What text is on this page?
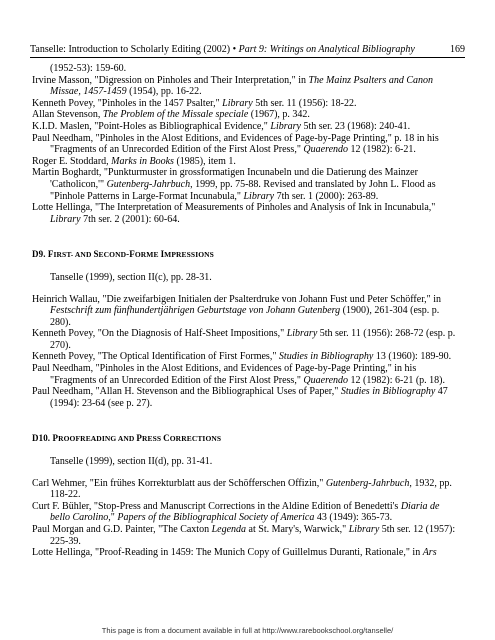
Tanselle: Introduction to Scholarly Editing (2002) • Part 9: Writings on Analytical Bibliography	169

(1952-53): 159-60.

Irvine Masson, "Digression on Pinholes and Their Interpretation," in The Mainz Psalters and Canon Missae, 1457-1459 (1954), pp. 16-22.

Kenneth Povey, "Pinholes in the 1457 Psalter," Library 5th ser. 11 (1956): 18-22.

Allan Stevenson, The Problem of the Missale speciale (1967), p. 342.

K.I.D. Maslen, "Point-Holes as Bibliographical Evidence," Library 5th ser. 23 (1968): 240-41.

Paul Needham, "Pinholes in the Alost Editions, and Evidences of Page-by-Page Printing," p. 18 in his "Fragments of an Unrecorded Edition of the First Alost Press," Quaerendo 12 (1982): 6-21.

Roger E. Stoddard, Marks in Books (1985), item 1.

Martin Boghardt, "Punkturmuster in grossformatigen Incunabeln und die Datierung des Mainzer 'Catholicon,'" Gutenberg-Jahrbuch, 1999, pp. 75-88. Revised and translated by John L. Flood as "Pinhole Patterns in Large-Format Incunabula," Library 7th ser. 1 (2000): 263-89.

Lotte Hellinga, "The Interpretation of Measurements of Pinholes and Analysis of Ink in Incunabula," Library 7th ser. 2 (2001): 60-64.

D9. FIRST- AND SECOND-FORME IMPRESSIONS

Tanselle (1999), section II(c), pp. 28-31.

Heinrich Wallau, "Die zweifarbigen Initialen der Psalterdruke von Johann Fust und Peter Schöffer," in Festschrift zum fünfhundertjährigen Geburtstage von Johann Gutenberg (1900), 261-304 (esp. p. 280).

Kenneth Povey, "On the Diagnosis of Half-Sheet Impositions," Library 5th ser. 11 (1956): 268-72 (esp. p. 270).

Kenneth Povey, "The Optical Identification of First Formes," Studies in Bibliography 13 (1960): 189-90.

Paul Needham, "Pinholes in the Alost Editions, and Evidences of Page-by-Page Printing," in his "Fragments of an Unrecorded Edition of the First Alost Press," Quaerendo 12 (1982): 6-21 (p. 18).

Paul Needham, "Allan H. Stevenson and the Bibliographical Uses of Paper," Studies in Bibliography 47 (1994): 23-64 (see p. 27).

D10. PROOFREADING AND PRESS CORRECTIONS

Tanselle (1999), section II(d), pp. 31-41.

Carl Wehmer, "Ein frühes Korrekturblatt aus der Schöfferschen Offizin," Gutenberg-Jahrbuch, 1932, pp. 118-22.

Curt F. Bühler, "Stop-Press and Manuscript Corrections in the Aldine Edition of Benedetti's Diaria de bello Carolino," Papers of the Bibliographical Society of America 43 (1949): 365-73.

Paul Morgan and G.D. Painter, "The Caxton Legenda at St. Mary's, Warwick," Library 5th ser. 12 (1957): 225-39.

Lotte Hellinga, "Proof-Reading in 1459: The Munich Copy of Guillelmus Duranti, Rationale," in Ars

This page is from a document available in full at http://www.rarebookschool.org/tanselle/
